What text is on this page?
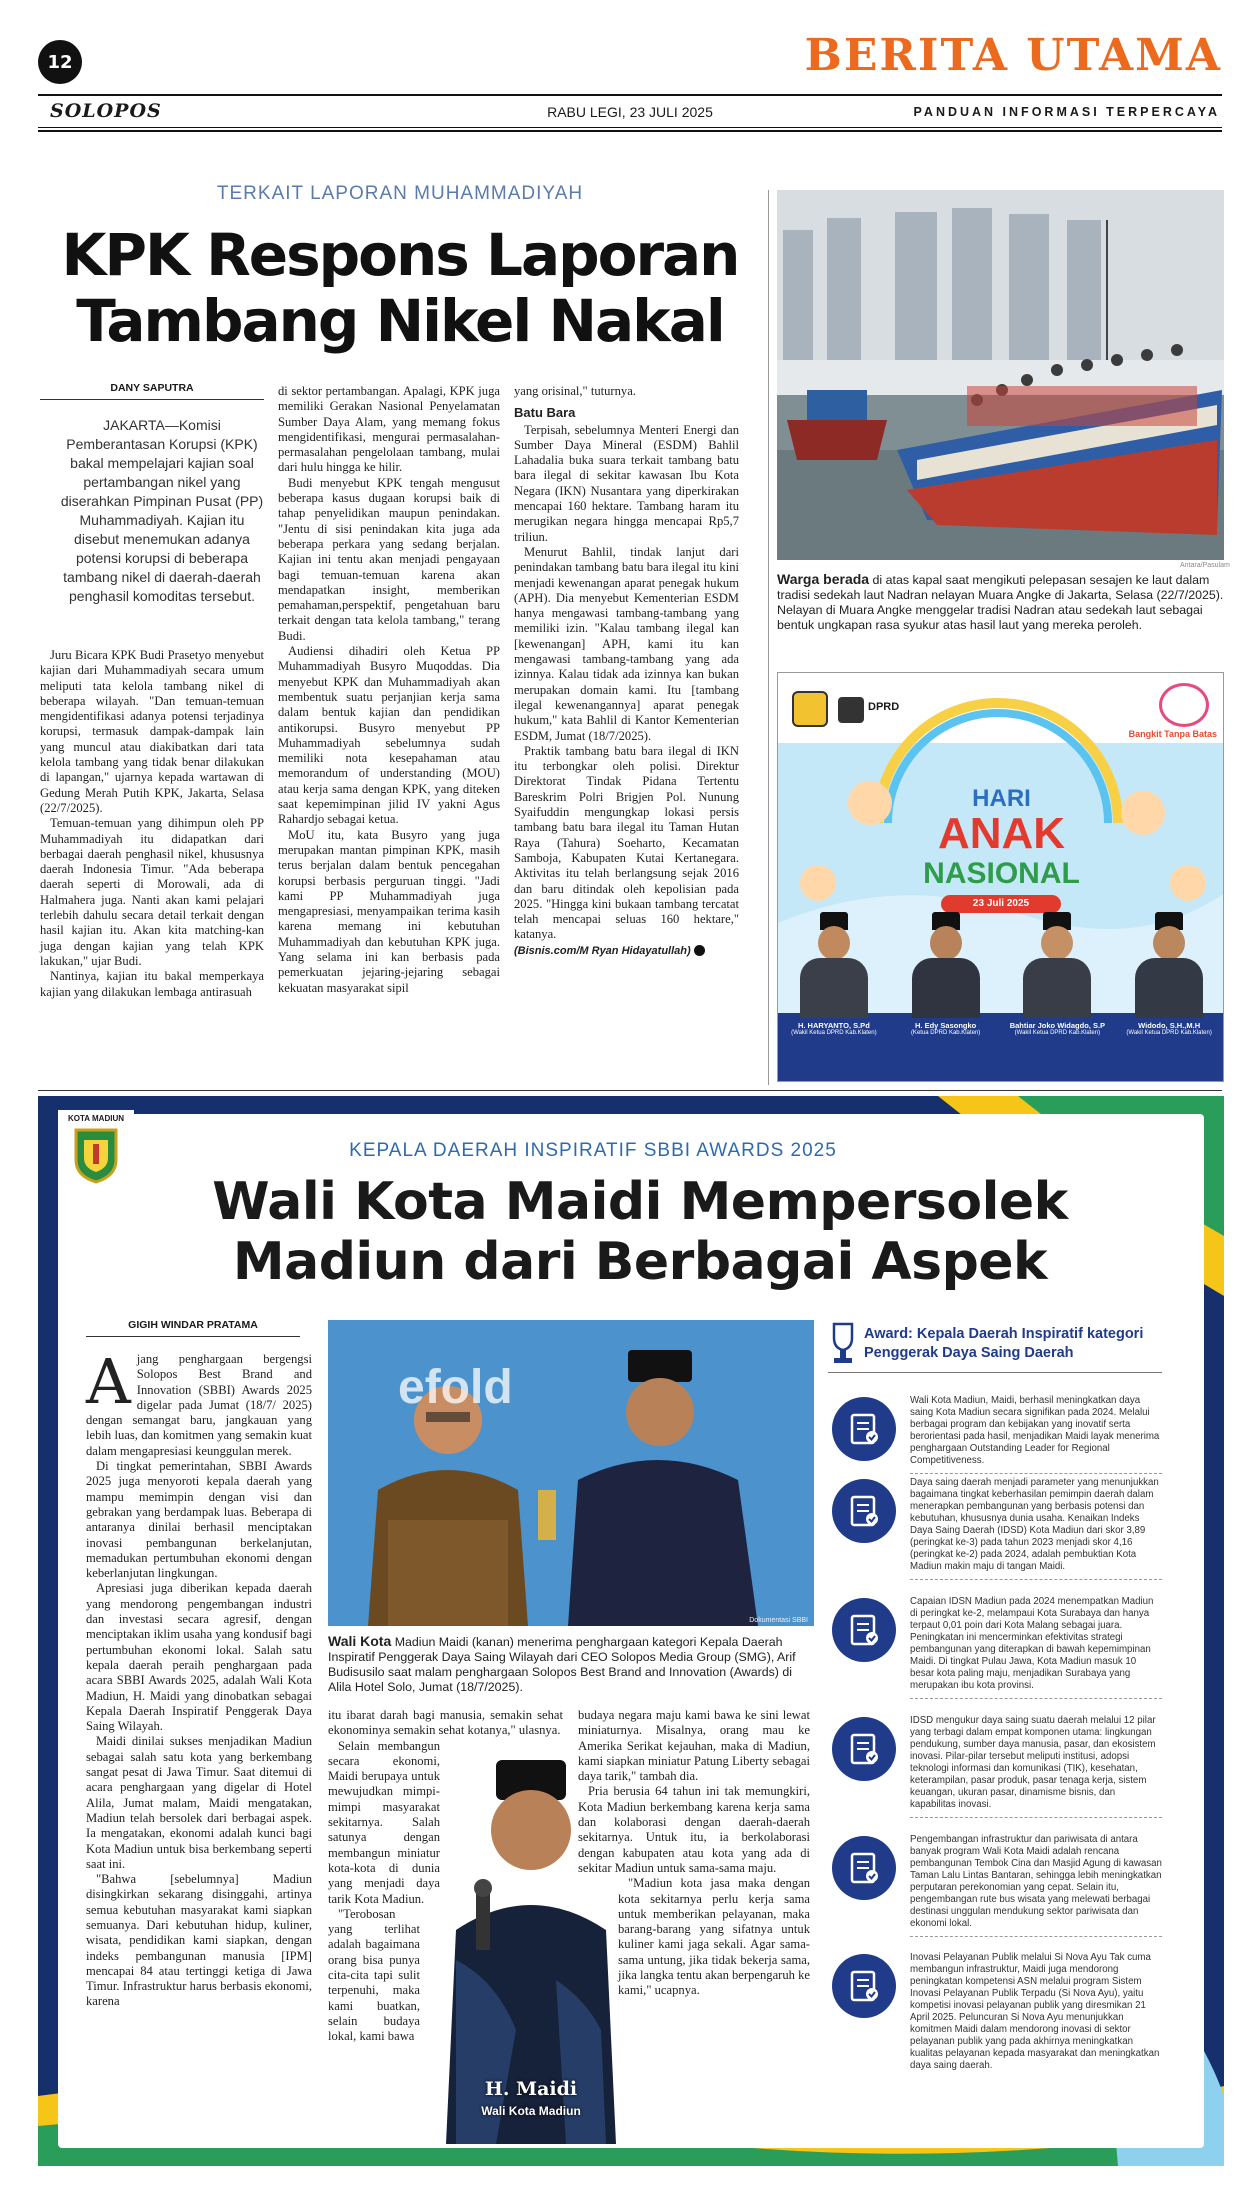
12	BERITA UTAMA
SOLOPOS	RABU LEGI, 23 JULI 2025	PANDUAN INFORMASI TERPERCAYA
TERKAIT LAPORAN MUHAMMADIYAH
KPK Respons Laporan Tambang Nikel Nakal
DANY SAPUTRA
JAKARTA—Komisi Pemberantasan Korupsi (KPK) bakal mempelajari kajian soal pertambangan nikel yang diserahkan Pimpinan Pusat (PP) Muhammadiyah. Kajian itu disebut menemukan adanya potensi korupsi di beberapa tambang nikel di daerah-daerah penghasil komoditas tersebut.

Juru Bicara KPK Budi Prasetyo menyebut kajian dari Muhammadiyah secara umum meliputi tata kelola tambang nikel di beberapa wilayah. "Dan temuan-temuan mengidentifikasi adanya potensi terjadinya korupsi, termasuk dampak-dampak lain yang muncul atau diakibatkan dari tata kelola tambang yang tidak benar dilakukan di lapangan," ujarnya kepada wartawan di Gedung Merah Putih KPK, Jakarta, Selasa (22/7/2025).

Temuan-temuan yang dihimpun oleh PP Muhammadiyah itu didapatkan dari berbagai daerah penghasil nikel, khususnya daerah Indonesia Timur. "Ada beberapa daerah seperti di Morowali, ada di Halmahera juga. Nanti akan kami pelajari terlebih dahulu secara detail terkait dengan hasil kajian itu. Akan kita matching-kan juga dengan kajian yang telah KPK lakukan," ujar Budi.

Nantinya, kajian itu bakal memperkaya kajian yang dilakukan lembaga antirasuah

di sektor pertambangan. Apalagi, KPK juga memiliki Gerakan Nasional Penyelamatan Sumber Daya Alam, yang memang fokus mengidentifikasi, mengurai permasalahan-permasalahan pengelolaan tambang, mulai dari hulu hingga ke hilir.

Budi menyebut KPK tengah mengusut beberapa kasus dugaan korupsi baik di tahap penyelidikan maupun penindakan. "Jentu di sisi penindakan kita juga ada beberapa perkara yang sedang berjalan. Kajian ini tentu akan menjadi pengayaan bagi temuan-temuan karena akan mendapatkan insight, memberikan pemahaman,perspektif, pengetahuan baru terkait dengan tata kelola tambang," terang Budi.

Audiensi dihadiri oleh Ketua PP Muhammadiyah Busyro Muqoddas. Dia menyebut KPK dan Muhammadiyah akan membentuk suatu perjanjian kerja sama dalam bentuk kajian dan pendidikan antikorupsi. Busyro menyebut PP Muhammadiyah sebelumnya sudah memiliki nota kesepahaman atau memorandum of understanding (MOU) atau kerja sama dengan KPK, yang diteken saat kepemimpinan jilid IV yakni Agus Rahardjo sebagai ketua.

MoU itu, kata Busyro yang juga merupakan mantan pimpinan KPK, masih terus berjalan dalam bentuk pencegahan korupsi berbasis perguruan tinggi. "Jadi kami PP Muhammadiyah juga mengapresiasi, menyampaikan terima kasih karena memang ini kebutuhan Muhammadiyah dan kebutuhan KPK juga. Yang selama ini kan berbasis pada pemerkuatan jejaring-jejaring sebagai kekuatan masyarakat sipil

yang orisinal," tuturnya.

Batu Bara

Terpisah, sebelumnya Menteri Energi dan Sumber Daya Mineral (ESDM) Bahlil Lahadalia buka suara terkait tambang batu bara ilegal di sekitar kawasan Ibu Kota Negara (IKN) Nusantara yang diperkirakan mencapai 160 hektare. Tambang haram itu merugikan negara hingga mencapai Rp5,7 triliun.

Menurut Bahlil, tindak lanjut dari penindakan tambang batu bara ilegal itu kini menjadi kewenangan aparat penegak hukum (APH). Dia menyebut Kementerian ESDM hanya mengawasi tambang-tambang yang memiliki izin. "Kalau tambang ilegal kan [kewenangan] APH, kami itu kan mengawasi tambang-tambang yang ada izinnya. Kalau tidak ada izinnya kan bukan merupakan domain kami. Itu [tambang ilegal kewenangannya] aparat penegak hukum," kata Bahlil di Kantor Kementerian ESDM, Jumat (18/7/2025).

Praktik tambang batu bara ilegal di IKN itu terbongkar oleh polisi. Direktur Direktorat Tindak Pidana Tertentu Bareskrim Polri Brigjen Pol. Nunung Syaifuddin mengungkap lokasi persis tambang batu bara ilegal itu Taman Hutan Raya (Tahura) Soeharto, Kecamatan Samboja, Kabupaten Kutai Kertanegara. Aktivitas itu telah berlangsung sejak 2016 dan baru ditindak oleh kepolisian pada 2025. "Hingga kini bukaan tambang tercatat telah mencapai seluas 160 hektare," katanya.

(Bisnis.com/M Ryan Hidayatullah)

Antara/Pasulam
Warga berada di atas kapal saat mengikuti pelepasan sesajen ke laut dalam tradisi sedekah laut Nadran nelayan Muara Angke di Jakarta, Selasa (22/7/2025). Nelayan di Muara Angke menggelar tradisi Nadran atau sedekah laut sebagai bentuk ungkapan rasa syukur atas hasil laut yang mereka peroleh.
DPRD
Bangkit Tanpa Batas
HARI
ANAK
NASIONAL
23 Juli 2025
H. HARYANTO, S.Pd
(Wakil Ketua DPRD Kab.Klaten)
H. Edy Sasongko
(Ketua DPRD Kab.Klaten)
Bahtiar Joko Widagdo, S.P
(Wakil Ketua DPRD Kab.Klaten)
Widodo, S.H.,M.H
(Wakil Ketua DPRD Kab.Klaten)
KOTA MADIUN
KEPALA DAERAH INSPIRATIF SBBI AWARDS 2025
Wali Kota Maidi Mempersolek Madiun dari Berbagai Aspek
GIGIH WINDAR PRATAMA

Ajang penghargaan bergengsi Solopos Best Brand and Innovation (SBBI) Awards 2025 digelar pada Jumat (18/7/ 2025) dengan semangat baru, jangkauan yang lebih luas, dan komitmen yang semakin kuat dalam mengapresiasi keunggulan merek.

Di tingkat pemerintahan, SBBI Awards 2025 juga menyoroti kepala daerah yang mampu memimpin dengan visi dan gebrakan yang berdampak luas. Beberapa di antaranya dinilai berhasil menciptakan inovasi pembangunan berkelanjutan, memadukan pertumbuhan ekonomi dengan keberlanjutan lingkungan.

Apresiasi juga diberikan kepada daerah yang mendorong pengembangan industri dan investasi secara agresif, dengan menciptakan iklim usaha yang kondusif bagi pertumbuhan ekonomi lokal. Salah satu kepala daerah peraih penghargaan pada acara SBBI Awards 2025, adalah Wali Kota Madiun, H. Maidi yang dinobatkan sebagai Kepala Daerah Inspiratif Penggerak Daya Saing Wilayah.

Maidi dinilai sukses menjadikan Madiun sebagai salah satu kota yang berkembang sangat pesat di Jawa Timur. Saat ditemui di acara penghargaan yang digelar di Hotel Alila, Jumat malam, Maidi mengatakan, Madiun telah bersolek dari berbagai aspek. Ia mengatakan, ekonomi adalah kunci bagi Kota Madiun untuk bisa berkembang seperti saat ini.

"Bahwa [sebelumnya] Madiun disingkirkan sekarang disinggahi, artinya semua kebutuhan masyarakat kami siapkan semuanya. Dari kebutuhan hidup, kuliner, wisata, pendidikan kami siapkan, dengan indeks pembangunan manusia [IPM] mencapai 84 atau tertinggi ketiga di Jawa Timur. Infrastruktur harus berbasis ekonomi, karena

efold
Dokumentasi SBBI
Wali Kota Madiun Maidi (kanan) menerima penghargaan kategori Kepala Daerah Inspiratif Penggerak Daya Saing Wilayah dari CEO Solopos Media Group (SMG), Arif Budisusilo saat malam penghargaan Solopos Best Brand and Innovation (Awards) di Alila Hotel Solo, Jumat (18/7/2025).

itu ibarat darah bagi manusia, semakin sehat ekonominya semakin sehat kotanya," ulasnya.

Selain membangun secara ekonomi, Maidi berupaya untuk mewujudkan mimpi-mimpi masyarakat sekitarnya. Salah satunya dengan membangun miniatur kota-kota di dunia yang menjadi daya tarik Kota Madiun.

"Terobosan yang terlihat adalah bagaimana orang bisa punya cita-cita tapi sulit terpenuhi, maka kami buatkan, selain budaya lokal, kami bawa

budaya negara maju kami bawa ke sini lewat miniaturnya. Misalnya, orang mau ke Amerika Serikat kejauhan, maka di Madiun, kami siapkan miniatur Patung Liberty sebagai daya tarik," tambah dia.

Pria berusia 64 tahun ini tak memungkiri, Kota Madiun berkembang karena kerja sama dan kolaborasi dengan daerah-daerah sekitarnya. Untuk itu, ia berkolaborasi dengan kabupaten atau kota yang ada di sekitar Madiun untuk sama-sama maju.

"Madiun kota jasa maka dengan kota sekitarnya perlu kerja sama untuk memberikan pelayanan, maka barang-barang yang sifatnya untuk kuliner kami jaga sekali. Agar sama-sama untung, jika tidak bekerja sama, jika langka tentu akan berpengaruh ke kami," ucapnya.

H. Maidi
Wali Kota Madiun
Award: Kepala Daerah Inspiratif kategori Penggerak Daya Saing Daerah
Wali Kota Madiun, Maidi, berhasil meningkatkan daya saing Kota Madiun secara signifikan pada 2024. Melalui berbagai program dan kebijakan yang inovatif serta berorientasi pada hasil, menjadikan Maidi layak menerima penghargaan Outstanding Leader for Regional Competitiveness.
Daya saing daerah menjadi parameter yang menunjukkan bagaimana tingkat keberhasilan pemimpin daerah dalam menerapkan pembangunan yang berbasis potensi dan kebutuhan, khususnya dunia usaha. Kenaikan Indeks Daya Saing Daerah (IDSD) Kota Madiun dari skor 3,89 (peringkat ke-3) pada tahun 2023 menjadi skor 4,16 (peringkat ke-2) pada 2024, adalah pembuktian Kota Madiun makin maju di tangan Maidi.
Capaian IDSN Madiun pada 2024 menempatkan Madiun di peringkat ke-2, melampaui Kota Surabaya dan hanya terpaut 0,01 poin dari Kota Malang sebagai juara. Peningkatan ini mencerminkan efektivitas strategi pembangunan yang diterapkan di bawah kepemimpinan Maidi. Di tingkat Pulau Jawa, Kota Madiun masuk 10 besar kota paling maju, menjadikan Surabaya yang merupakan ibu kota provinsi.
IDSD mengukur daya saing suatu daerah melalui 12 pilar yang terbagi dalam empat komponen utama: lingkungan pendukung, sumber daya manusia, pasar, dan ekosistem inovasi. Pilar-pilar tersebut meliputi institusi, adopsi teknologi informasi dan komunikasi (TIK), kesehatan, keterampilan, pasar produk, pasar tenaga kerja, sistem keuangan, ukuran pasar, dinamisme bisnis, dan kapabilitas inovasi.
Pengembangan infrastruktur dan pariwisata di antara banyak program Wali Kota Maidi adalah rencana pembangunan Tembok Cina dan Masjid Agung di kawasan Taman Lalu Lintas Bantaran, sehingga lebih meningkatkan perputaran perekonomian yang cepat. Selain itu, pengembangan rute bus wisata yang melewati berbagai destinasi unggulan mendukung sektor pariwisata dan ekonomi lokal.
Inovasi Pelayanan Publik melalui Si Nova Ayu Tak cuma membangun infrastruktur, Maidi juga mendorong peningkatan kompetensi ASN melalui program Sistem Inovasi Pelayanan Publik Terpadu (Si Nova Ayu), yaitu kompetisi inovasi pelayanan publik yang diresmikan 21 April 2025. Peluncuran Si Nova Ayu menunjukkan komitmen Maidi dalam mendorong inovasi di sektor pelayanan publik yang pada akhirnya meningkatkan kualitas pelayanan kepada masyarakat dan meningkatkan daya saing daerah.
